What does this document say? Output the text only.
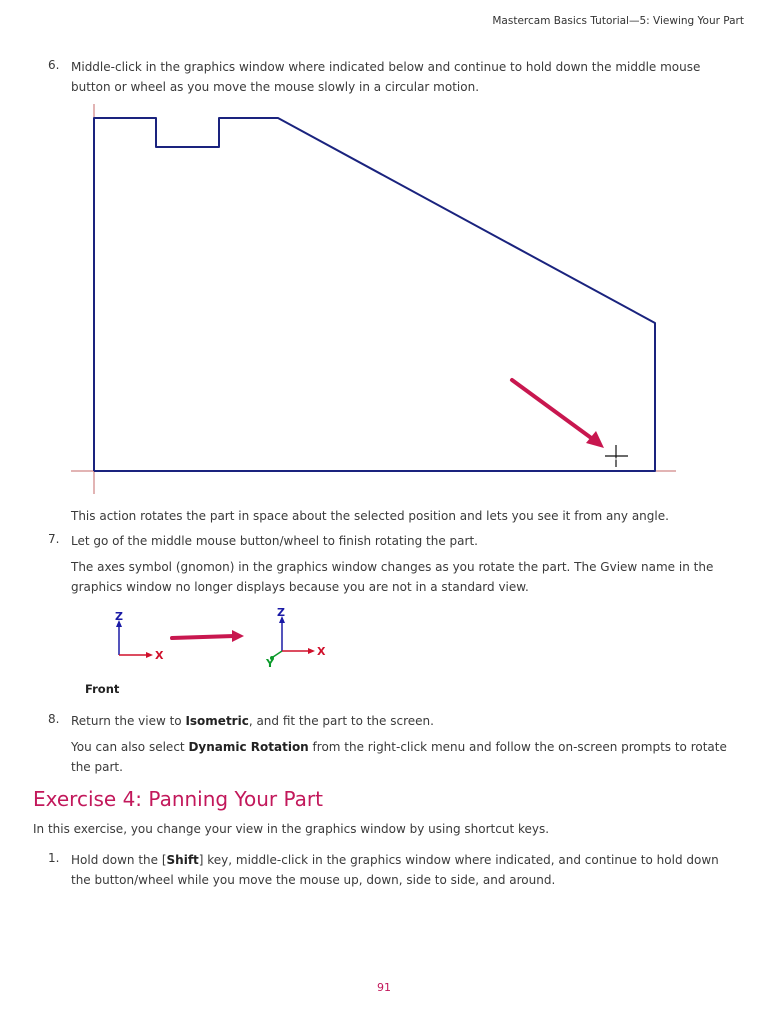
Mastercam Basics Tutorial—5: Viewing Your Part
6. Middle-click in the graphics window where indicated below and continue to hold down the middle mouse button or wheel as you move the mouse slowly in a circular motion.
This action rotates the part in space about the selected position and lets you see it from any angle.
7. Let go of the middle mouse button/wheel to finish rotating the part.
The axes symbol (gnomon) in the graphics window changes as you rotate the part. The Gview name in the graphics window no longer displays because you are not in a standard view.
Z
X
Z
X
Y
Front
8. Return the view to Isometric, and fit the part to the screen.
You can also select Dynamic Rotation from the right-click menu and follow the on-screen prompts to rotate the part.
Exercise 4: Panning Your Part
In this exercise, you change your view in the graphics window by using shortcut keys.
1. Hold down the [Shift] key, middle-click in the graphics window where indicated, and continue to hold down the button/wheel while you move the mouse up, down, side to side, and around.
91
